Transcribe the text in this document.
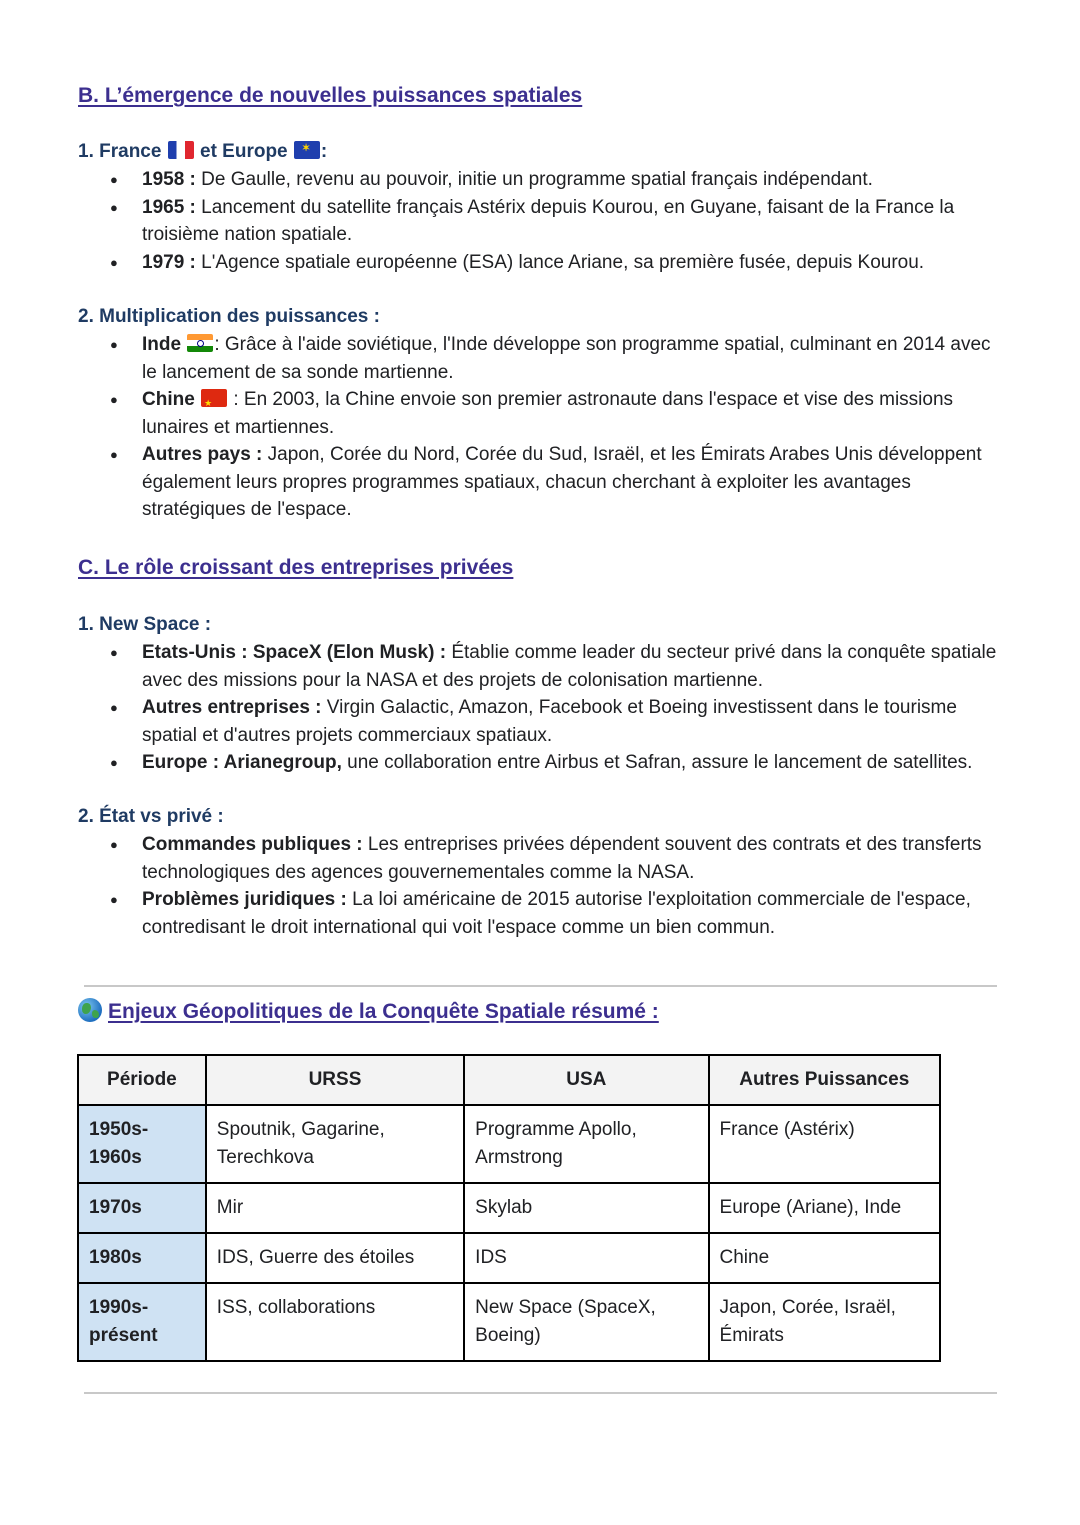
B. L’émergence de nouvelles puissances spatiales
1. France et Europe ✶ :
● 1958 : De Gaulle, revenu au pouvoir, initie un programme spatial français indépendant.
● 1965 : Lancement du satellite français Astérix depuis Kourou, en Guyane, faisant de la France la troisième nation spatiale.
● 1979 : L'Agence spatiale européenne (ESA) lance Ariane, sa première fusée, depuis Kourou.
2. Multiplication des puissances :
● Inde : Grâce à l'aide soviétique, l'Inde développe son programme spatial, culminant en 2014 avec le lancement de sa sonde martienne.
● Chine ★ : En 2003, la Chine envoie son premier astronaute dans l'espace et vise des missions lunaires et martiennes.
● Autres pays : Japon, Corée du Nord, Corée du Sud, Israël, et les Émirats Arabes Unis développent également leurs propres programmes spatiaux, chacun cherchant à exploiter les avantages stratégiques de l'espace.
C. Le rôle croissant des entreprises privées
1. New Space :
● Etats-Unis : SpaceX (Elon Musk) : Établie comme leader du secteur privé dans la conquête spatiale avec des missions pour la NASA et des projets de colonisation martienne.
● Autres entreprises : Virgin Galactic, Amazon, Facebook et Boeing investissent dans le tourisme spatial et d'autres projets commerciaux spatiaux.
● Europe : Arianegroup, une collaboration entre Airbus et Safran, assure le lancement de satellites.
2. État vs privé :
● Commandes publiques : Les entreprises privées dépendent souvent des contrats et des transferts technologiques des agences gouvernementales comme la NASA.
● Problèmes juridiques : La loi américaine de 2015 autorise l'exploitation commerciale de l'espace, contredisant le droit international qui voit l'espace comme un bien commun.
Enjeux Géopolitiques de la Conquête Spatiale résumé :
Période	URSS	USA	Autres Puissances
1950s-1960s	Spoutnik, Gagarine, Terechkova	Programme Apollo, Armstrong	France (Astérix)
1970s	Mir	Skylab	Europe (Ariane), Inde
1980s	IDS, Guerre des étoiles	IDS	Chine
1990s-présent	ISS, collaborations	New Space (SpaceX, Boeing)	Japon, Corée, Israël, Émirats
